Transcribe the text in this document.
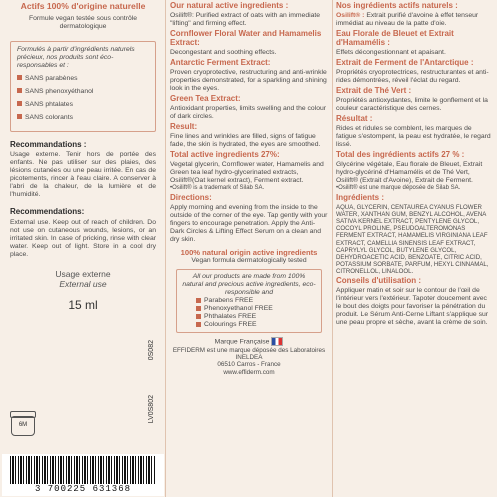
Actifs 100% d'origine naturelle
Formule vegan testée sous contrôle dermatologique
Formulés à partir d'ingrédients naturels précieux, nos produits sont éco-responsables et :
SANS parabènes
SANS phenoxyéthanol
SANS phtalates
SANS colorants
Recommandations :
Usage externe. Tenir hors de portée des enfants. Ne pas utiliser sur des plaies, des lésions cutanées ou une peau irritée. En cas de picotements, rincer à l'eau claire. A conserver à l'abri de la chaleur, de la lumière et de l'humidité.
Recommendations:
External use. Keep out of reach of children. Do not use on cutaneous wounds, lesions, or an irritated skin. In case of pricking, rinse with clear water. Keep out of light. Store in a cool dry place.
Usage externe
External use
15 ml
6M
LV0S802
0S082
3 700225 631368
Our natural active ingredients :
Osilift®: Purified extract of oats with an immediate "lifting" and firming effect.
Cornflower Floral Water and Hamamelis Extract:
Decongestant and soothing effects.
Antarctic Ferment Extract:
Proven cryoprotective, restructuring and anti-wrinkle properties demonstrated, for a sparkling and shining look in the eyes.
Green Tea Extract:
Antioxidant properties, limits swelling and the colour of dark circles.
Result:
Fine lines and wrinkles are filled, signs of fatigue fade, the skin is hydrated, the eyes are smoothed.
Total active ingredients 27%:
Vegetal glycerin, Cornflower water, Hamamelis and Green tea leaf hydro-glycerinated extracts, Osilift®(Oat kernel extract), Ferment extract.
•Osilift® is a trademark of Silab SA.
Directions:
Apply morning and evening from the inside to the outside of the corner of the eye. Tap gently with your fingers to encourage penetration. Apply the Anti-Dark Circles & Lifting Effect Serum on a clean and dry skin.
100% natural origin active ingredients
Vegan formula dermatologically tested
All our products are made from 100% natural and precious active ingredients, eco-responsible and
Parabens FREE
Phenoxyethanol FREE
Phthalates FREE
Colourings FREE
Marque Française
EFFIDERM est une marque déposée des Laboratoires INELDEA
06510 Carros - France
www.effiderm.com
Nos ingrédients actifs naturels :
Osilift® : Extrait purifié d'avoine à effet tenseur immédiat au niveau de la patte d'oie.
Eau Florale de Bleuet et Extrait d'Hamamélis :
Effets décongestionnant et apaisant.
Extrait de Ferment de l'Antarctique :
Propriétés cryoprotectrices, restructurantes et anti-rides démontrées, réveil l'éclat du regard.
Extrait de Thé Vert :
Propriétés antioxydantes, limite le gonflement et la couleur caractéristique des cernes.
Résultat :
Rides et ridules se comblent, les marques de fatigue s'estompent, la peau est hydratée, le regard lissé.
Total des ingrédients actifs 27 % :
Glycérine végétale, Eau florale de Bleuet, Extrait hydro-glycériné d'Hamamélis et de Thé Vert, Osilift® (Extrait d'Avoine), Extrait de Ferment.
•Osilift® est une marque déposée de Silab SA.
Ingrédients :
AQUA, GLYCERIN, CENTAUREA CYANUS FLOWER WATER, XANTHAN GUM, BENZYL ALCOHOL, AVENA SATIVA KERNEL EXTRACT, PENTYLENE GLYCOL, COCOYL PROLINE, PSEUDOALTEROMONAS FERMENT EXTRACT, HAMAMELIS VIRGINIANA LEAF EXTRACT, CAMELLIA SINENSIS LEAF EXTRACT, CAPRYLYL GLYCOL, BUTYLENE GLYCOL, DEHYDROACETIC ACID, BENZOATE, CITRIC ACID, POTASSIUM SORBATE, PARFUM, HEXYL CINNAMAL, CITRONELLOL, LINALOOL.
Conseils d'utilisation :
Appliquer matin et soir sur le contour de l'œil de l'intérieur vers l'extérieur. Tapoter doucement avec le bout des doigts pour favoriser la pénétration du produit. Le Sérum Anti-Cerne Liftant s'applique sur une peau propre et sèche, avant la crème de soin.
